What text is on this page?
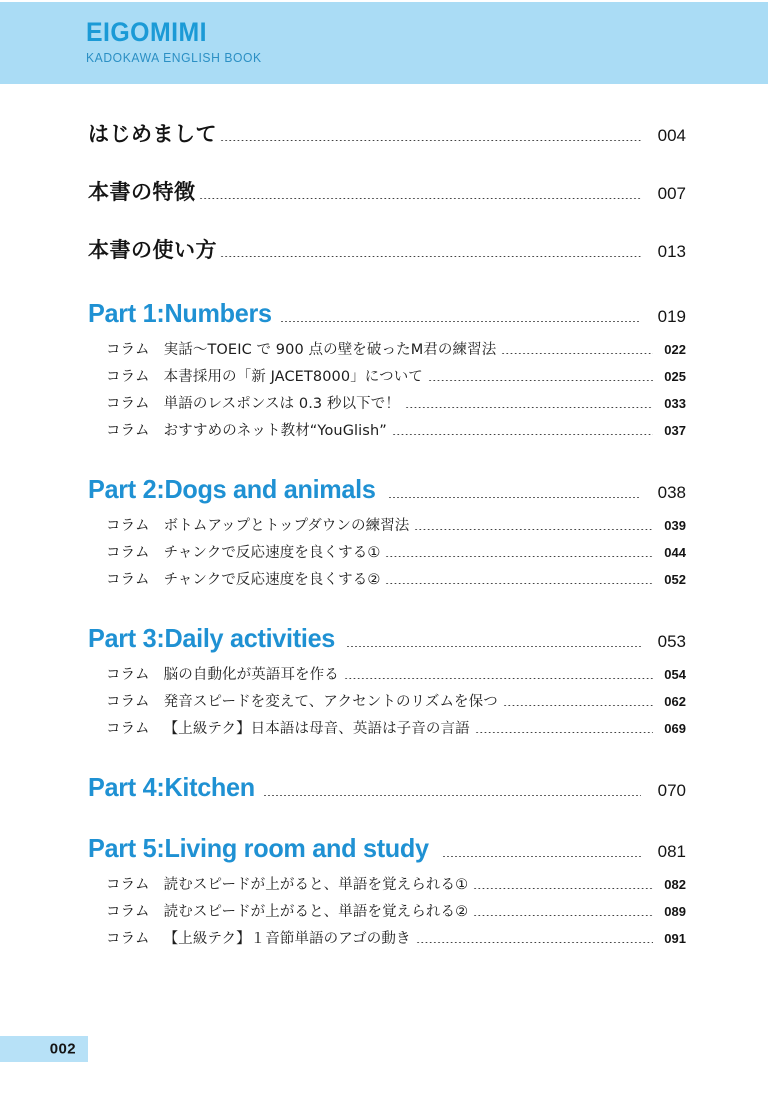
EIGOMIMI
KADOKAWA ENGLISH BOOK
はじめまして	004
本書の特徴	007
本書の使い方	013
Part 1:Numbers	019
コラム 実話〜TOEIC で 900 点の壁を破ったM君の練習法	022
コラム 本書採用の「新 JACET8000」について	025
コラム 単語のレスポンスは 0.3 秒以下で！	033
コラム おすすめのネット教材“YouGlish”	037
Part 2:Dogs and animals	038
コラム ボトムアップとトップダウンの練習法	039
コラム チャンクで反応速度を良くする①	044
コラム チャンクで反応速度を良くする②	052
Part 3:Daily activities	053
コラム 脳の自動化が英語耳を作る	054
コラム 発音スピードを変えて、アクセントのリズムを保つ	062
コラム 【上級テク】日本語は母音、英語は子音の言語	069
Part 4:Kitchen	070
Part 5:Living room and study	081
コラム 読むスピードが上がると、単語を覚えられる①	082
コラム 読むスピードが上がると、単語を覚えられる②	089
コラム 【上級テク】１音節単語のアゴの動き	091
002
